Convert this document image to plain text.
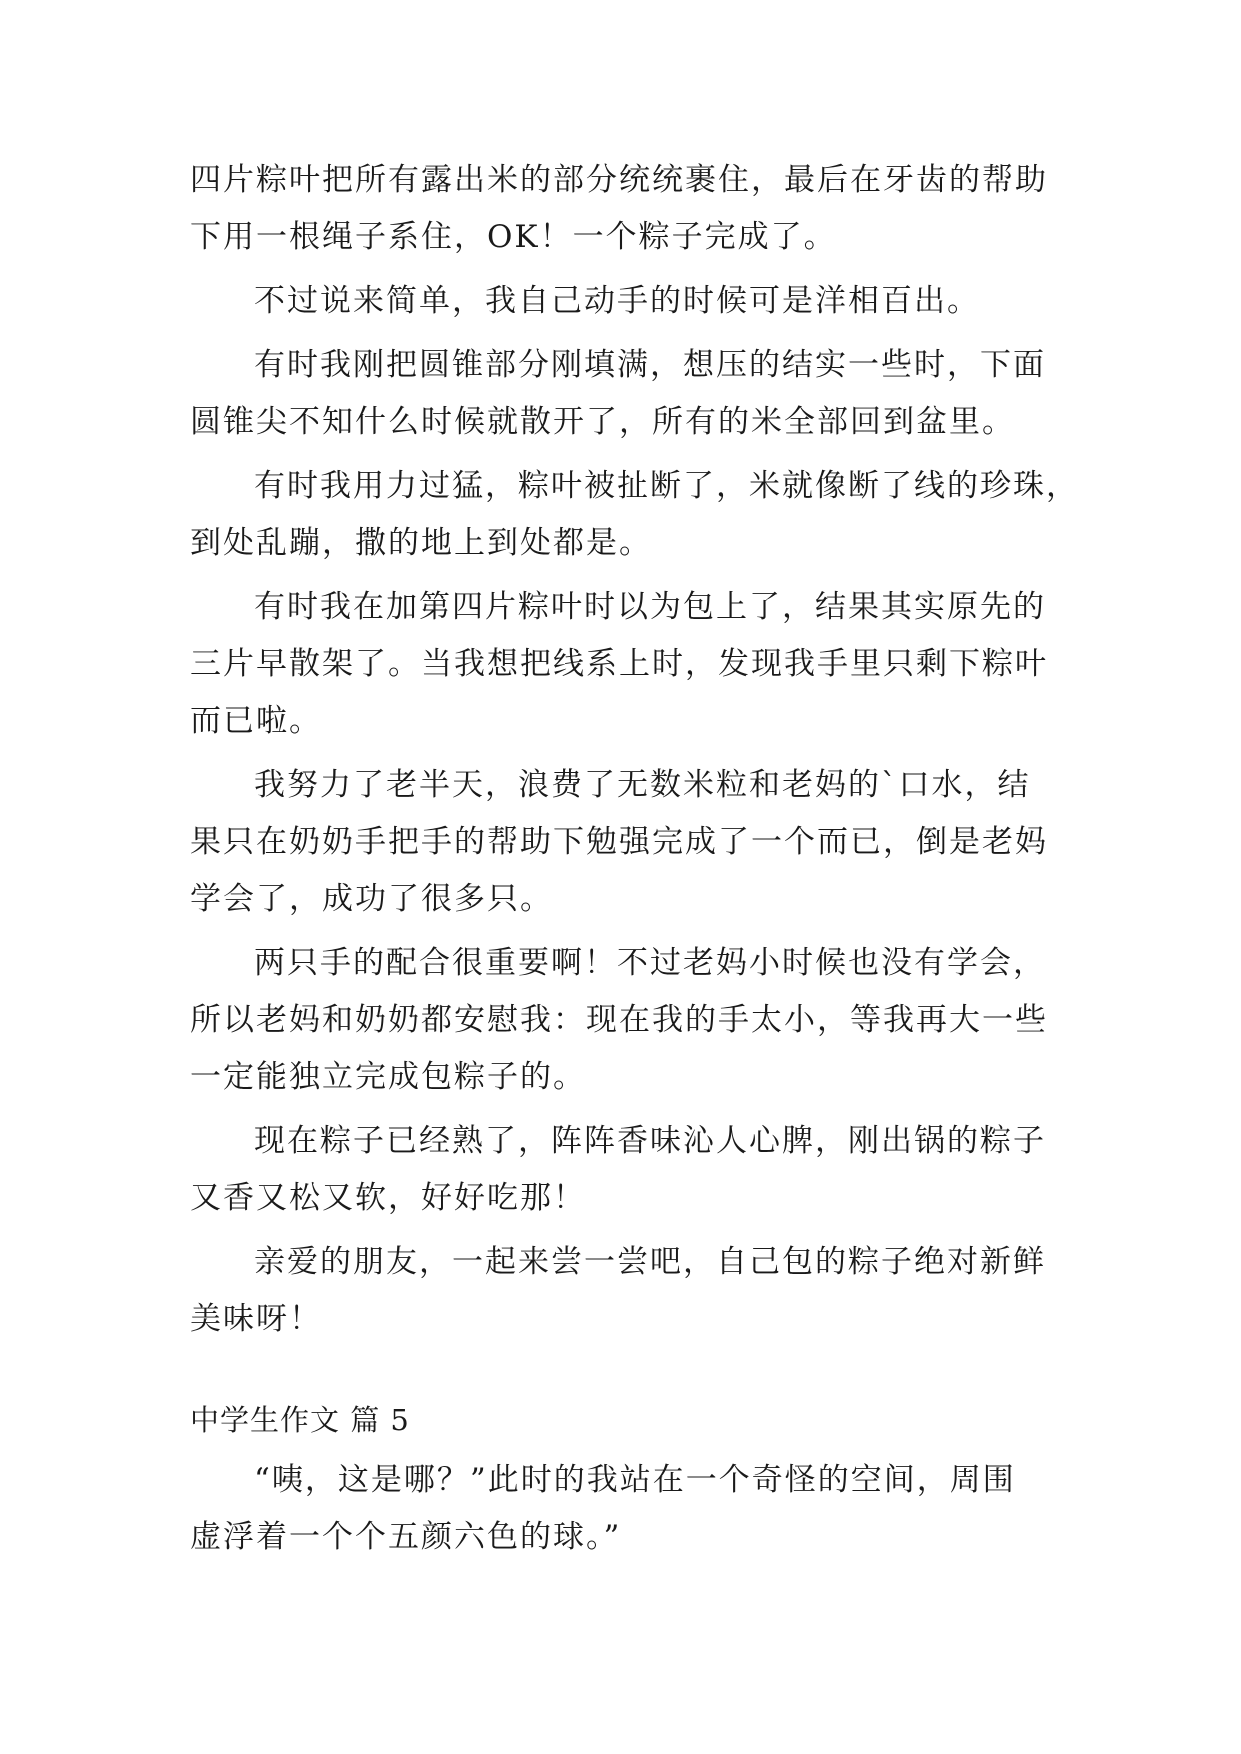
四片粽叶把所有露出米的部分统统裹住，最后在牙齿的帮助
下用一根绳子系住，OK！一个粽子完成了。
不过说来简单，我自己动手的时候可是洋相百出。
有时我刚把圆锥部分刚填满，想压的结实一些时，下面
圆锥尖不知什么时候就散开了，所有的米全部回到盆里。
有时我用力过猛，粽叶被扯断了，米就像断了线的珍珠，
到处乱蹦，撒的地上到处都是。
有时我在加第四片粽叶时以为包上了，结果其实原先的
三片早散架了。当我想把线系上时，发现我手里只剩下粽叶
而已啦。
我努力了老半天，浪费了无数米粒和老妈的`口水，结
果只在奶奶手把手的帮助下勉强完成了一个而已，倒是老妈
学会了，成功了很多只。
两只手的配合很重要啊！不过老妈小时候也没有学会，
所以老妈和奶奶都安慰我：现在我的手太小，等我再大一些
一定能独立完成包粽子的。
现在粽子已经熟了，阵阵香味沁人心脾，刚出锅的粽子
又香又松又软，好好吃那！
亲爱的朋友，一起来尝一尝吧，自己包的粽子绝对新鲜
美味呀！
中学生作文 篇 5
“咦，这是哪？”此时的我站在一个奇怪的空间，周围
虚浮着一个个五颜六色的球。”
